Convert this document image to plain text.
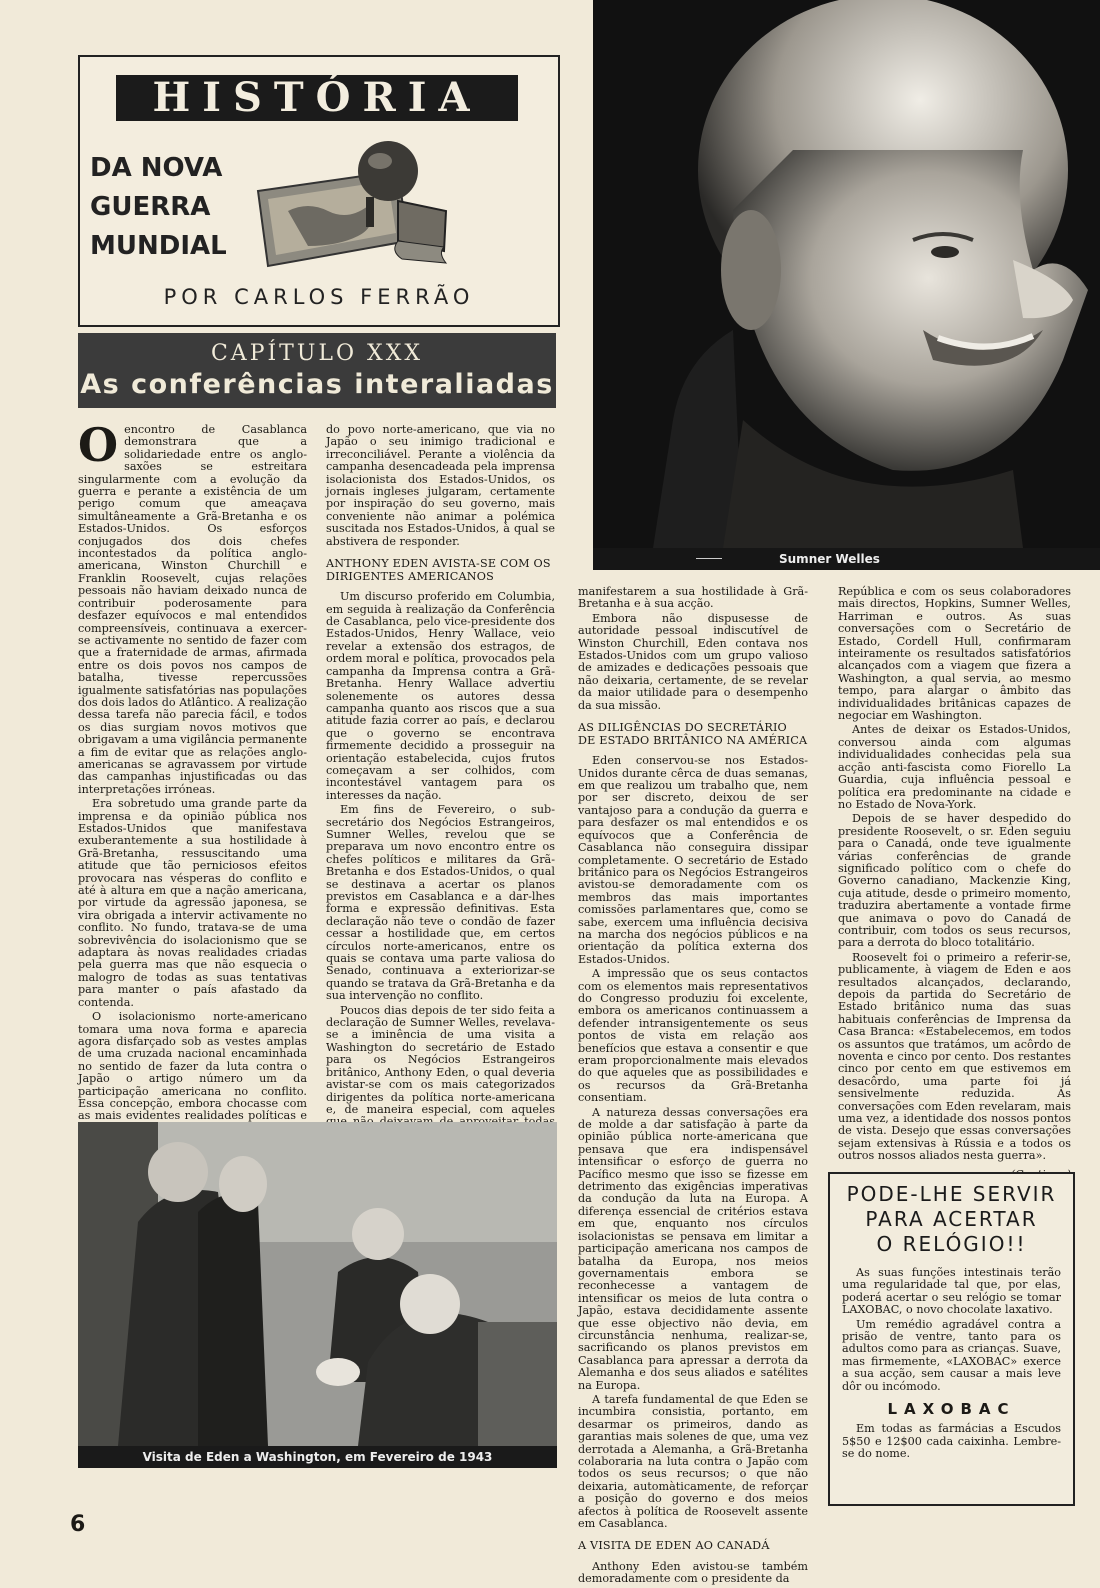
HISTÓRIA
DA NOVA
GUERRA
MUNDIAL
POR CARLOS FERRÃO
CAPÍTULO XXX
As conferências interaliadas
Sumner Welles
O encontro de Casablanca demonstrara que a solidariedade entre os anglo-saxões se estreitara singularmente com a evolução da guerra e perante a existência de um perigo comum que ameaçava simultâneamente a Grã-Bretanha e os Estados-Unidos. Os esforços conjugados dos dois chefes incontestados da política anglo-americana, Winston Churchill e Franklin Roosevelt, cujas relações pessoais não haviam deixado nunca de contribuir poderosamente para desfazer equívocos e mal entendidos compreensíveis, continuava a exercer-se activamente no sentido de fazer com que a fraternidade de armas, afirmada entre os dois povos nos campos de batalha, tivesse repercussões igualmente satisfatórias nas populações dos dois lados do Atlântico. A realização dessa tarefa não parecia fácil, e todos os dias surgiam novos motivos que obrigavam a uma vigilância permanente a fim de evitar que as relações anglo-americanas se agravassem por virtude das campanhas injustificadas ou das interpretações irróneas.

Era sobretudo uma grande parte da imprensa e da opinião pública nos Estados-Unidos que manifestava exuberantemente a sua hostilidade à Grã-Bretanha, ressuscitando uma atitude que tão perniciosos efeitos provocara nas vésperas do conflito e até à altura em que a nação americana, por virtude da agressão japonesa, se vira obrigada a intervir activamente no conflito. No fundo, tratava-se de uma sobrevivência do isolacionismo que se adaptara às novas realidades criadas pela guerra mas que não esquecia o malogro de todas as suas tentativas para manter o país afastado da contenda.

O isolacionismo norte-americano tomara uma nova forma e aparecia agora disfarçado sob as vestes amplas de uma cruzada nacional encaminhada no sentido de fazer da luta contra o Japão o artigo número um da participação americana no conflito. Essa concepção, embora chocasse com as mais evidentes realidades políticas e

do povo norte-americano, que via no Japão o seu inimigo tradicional e irreconciliável. Perante a violência da campanha desencadeada pela imprensa isolacionista dos Estados-Unidos, os jornais ingleses julgaram, certamente por inspiração do seu governo, mais conveniente não animar a polémica suscitada nos Estados-Unidos, à qual se abstivera de responder.

ANTHONY EDEN AVISTA-SE COM OS DIRIGENTES AMERICANOS

Um discurso proferido em Columbia, em seguida à realização da Conferência de Casablanca, pelo vice-presidente dos Estados-Unidos, Henry Wallace, veio revelar a extensão dos estragos, de ordem moral e política, provocados pela campanha da Imprensa contra a Grã-Bretanha. Henry Wallace advertiu solenemente os autores dessa campanha quanto aos riscos que a sua atitude fazia correr ao país, e declarou que o governo se encontrava firmemente decidido a prosseguir na orientação estabelecida, cujos frutos começavam a ser colhidos, com incontestável vantagem para os interesses da nação.

Em fins de Fevereiro, o sub-secretário dos Negócios Estrangeiros, Sumner Welles, revelou que se preparava um novo encontro entre os chefes políticos e militares da Grã-Bretanha e dos Estados-Unidos, o qual se destinava a acertar os planos previstos em Casablanca e a dar-lhes forma e expressão definitivas. Esta declaração não teve o condão de fazer cessar a hostilidade que, em certos círculos norte-americanos, entre os quais se contava uma parte valiosa do Senado, continuava a exteriorizar-se quando se tratava da Grã-Bretanha e da sua intervenção no conflito.

Poucos dias depois de ter sido feita a declaração de Sumner Welles, revelava-se a iminência de uma visita a Washington do secretário de Estado para os Negócios Estrangeiros britânico, Anthony Eden, o qual deveria avistar-se com os mais categorizados dirigentes da política norte-americana e, de maneira especial, com aqueles

manifestarem a sua hostilidade à Grã-Bretanha e à sua acção.

Embora não dispusesse de autoridade pessoal indiscutível de Winston Churchill, Eden contava nos Estados-Unidos com um grupo valioso de amizades e dedicações pessoais que não deixaria, certamente, de se revelar da maior utilidade para o desempenho da sua missão.

AS DILIGÊNCIAS DO SECRETÁRIO DE ESTADO BRITÂNICO NA AMÉRICA

Eden conservou-se nos Estados-Unidos durante cêrca de duas semanas, em que realizou um trabalho que, nem por ser discreto, deixou de ser vantajoso para a condução da guerra e para desfazer os mal entendidos e os equívocos que a Conferência de Casablanca não conseguira dissipar completamente. O secretário de Estado britânico para os Negócios Estrangeiros avistou-se demoradamente com os membros das mais importantes comissões parlamentares que, como se sabe, exercem uma influência decisiva na marcha dos negócios públicos e na orientação da política externa dos Estados-Unidos.

A impressão que os seus contactos com os elementos mais representativos do Congresso produziu foi excelente, embora os americanos continuassem a defender intransigentemente os seus pontos de vista em relação aos benefícios que estava a consentir e que eram proporcionalmente mais elevados do que aqueles que as possibilidades e os recursos da Grã-Bretanha consentiam.

A natureza dessas conversações era de molde a dar satisfação à parte da opinião pública norte-americana que pensava que era indispensável intensificar o esforço de guerra no Pacífico mesmo que isso se fizesse em detrimento das exigências imperativas da condução da luta na Europa. A diferença essencial de critérios estava em que, enquanto nos círculos isolacionistas se pensava em limitar a participação americana nos campos de batalha da Europa, nos meios governamentais embora se reconhecesse a vantagem de intensificar os meios de luta contra o Japão, estava decididamente assente que esse objectivo não devia, em circunstância nenhuma, realizar-se, sacrificando os planos previstos em Casablanca para apressar a derrota da Alemanha e dos seus aliados e satélites na Europa.

A tarefa fundamental de que Eden se incumbira consistia, portanto, em desarmar os primeiros, dando as garantias mais solenes de que, uma vez derrotada a Alemanha, a Grã-Bretanha colaboraria na luta contra o Japão com todos os seus recursos; o que não deixaria, automàticamente, de reforçar a posição do governo e dos meios afectos à política de Roosevelt assente em Casablanca.

A VISITA DE EDEN AO CANADÁ

Anthony Eden avistou-se também demoradamente com o presidente da

República e com os seus colaboradores mais directos, Hopkins, Sumner Welles, Harriman e outros. As suas conversações com o Secretário de Estado, Cordell Hull, confirmaram inteiramente os resultados satisfatórios alcançados com a viagem que fizera a Washington, a qual servia, ao mesmo tempo, para alargar o âmbito das individualidades britânicas capazes de negociar em Washington.

Antes de deixar os Estados-Unidos, conversou ainda com algumas individualidades conhecidas pela sua acção anti-fascista como Fiorello La Guardia, cuja influência pessoal e política era predominante na cidade e no Estado de Nova-York.

Depois de se haver despedido do presidente Roosevelt, o sr. Eden seguiu para o Canadá, onde teve igualmente várias conferências de grande significado político com o chefe do Governo canadiano, Mackenzie King, cuja atitude, desde o primeiro momento, traduzira abertamente a vontade firme que animava o povo do Canadá de contribuir, com todos os seus recursos, para a derrota do bloco totalitário.

Roosevelt foi o primeiro a referir-se, publicamente, à viagem de Eden e aos resultados alcançados, declarando, depois da partida do Secretário de Estado britânico numa das suas habituais conferências de Imprensa da Casa Branca: «Estabelecemos, em todos os assuntos que tratámos, um acôrdo de noventa e cinco por cento. Dos restantes cinco por cento em que estivemos em desacôrdo, uma parte foi já sensivelmente reduzida. As conversações com Eden revelaram, mais uma vez, a identidade dos nossos pontos de vista. Desejo que essas conversações sejam extensivas à Rússia e a todos os outros nossos aliados nesta guerra».

Visita de Eden a Washington, em Fevereiro de 1943
PODE-LHE SERVIR
PARA ACERTAR
O RELÓGIO!!

As suas funções intestinais terão uma regularidade tal que, por elas, poderá acertar o seu relógio se tomar LAXOBAC, o novo chocolate laxativo.

Um remédio agradável contra a prisão de ventre, tanto para os adultos como para as crianças. Suave, mas firmemente, «LAXOBAC» exerce a sua acção, sem causar a mais leve dôr ou incómodo.

LAXOBAC

Em todas as farmácias a Escudos 5$50 e 12$00 cada caixinha. Lembre-se do nome.

6
